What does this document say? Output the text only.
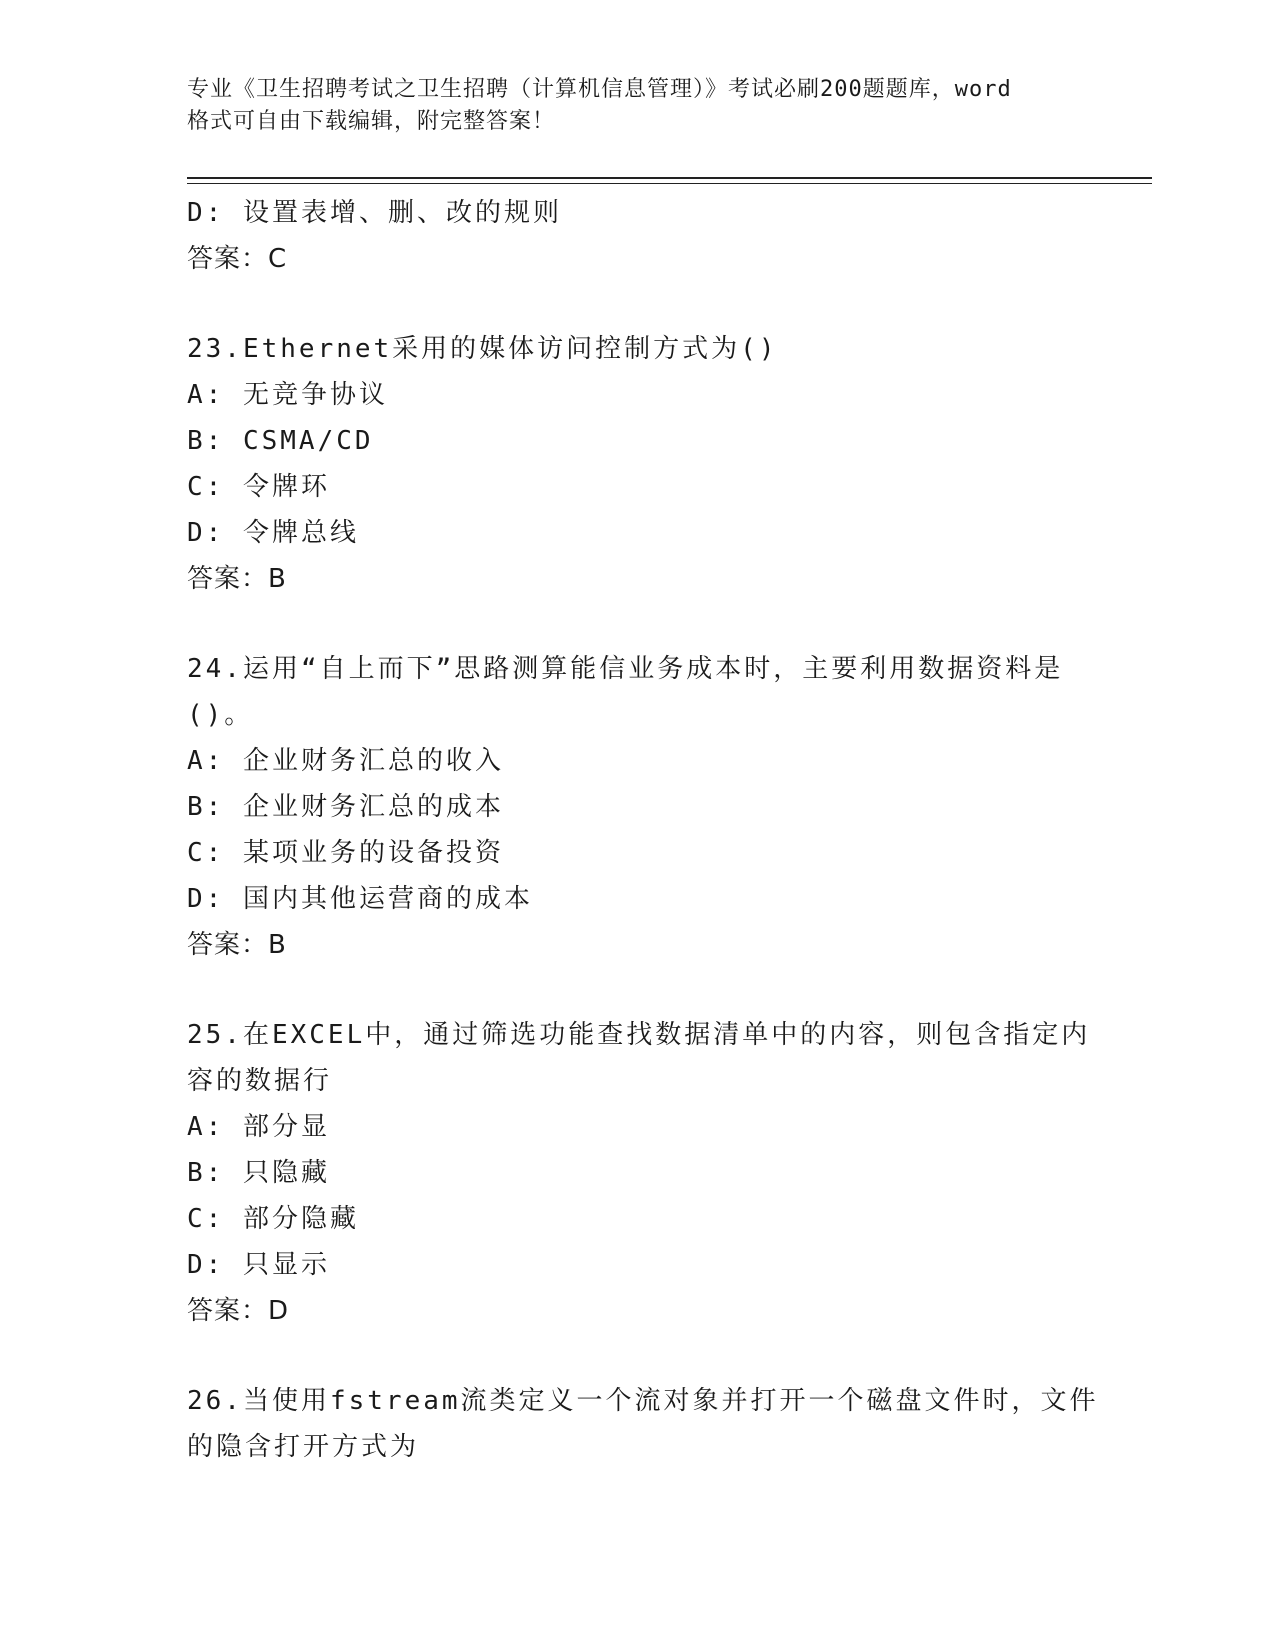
专业《卫生招聘考试之卫生招聘（计算机信息管理）》考试必刷200题题库，word
格式可自由下载编辑，附完整答案！
D: 设置表增、删、改的规则
答案：C
23.Ethernet采用的媒体访问控制方式为()
A: 无竞争协议
B: CSMA/CD
C: 令牌环
D: 令牌总线
答案：B
24.运用“自上而下”思路测算能信业务成本时，主要利用数据资料是
()。
A: 企业财务汇总的收入
B: 企业财务汇总的成本
C: 某项业务的设备投资
D: 国内其他运营商的成本
答案：B
25.在EXCEL中，通过筛选功能查找数据清单中的内容，则包含指定内
容的数据行
A: 部分显
B: 只隐藏
C: 部分隐藏
D: 只显示
答案：D
26.当使用fstream流类定义一个流对象并打开一个磁盘文件时，文件
的隐含打开方式为
